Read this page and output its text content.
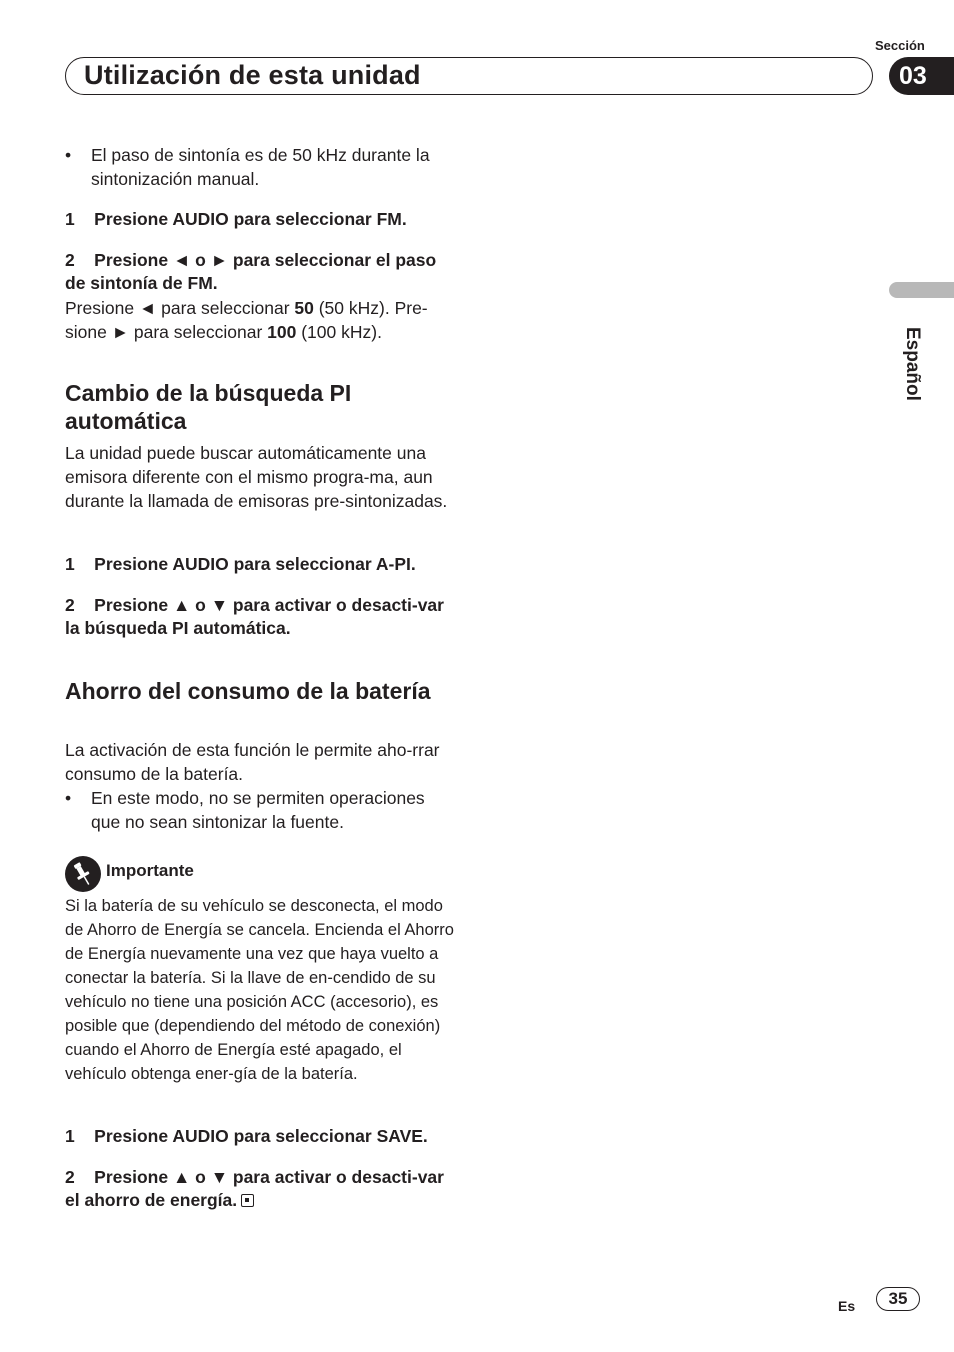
Sección
Utilización de esta unidad	03
Español
• El paso de sintonía es de 50 kHz durante la sintonización manual.
1    Presione AUDIO para seleccionar FM.
2    Presione ◄ o ► para seleccionar el paso de sintonía de FM.
Presione ◄ para seleccionar 50 (50 kHz). Pre-sione ► para seleccionar 100 (100 kHz).
Cambio de la búsqueda PI automática
La unidad puede buscar automáticamente una emisora diferente con el mismo progra-ma, aun durante la llamada de emisoras pre-sintonizadas.
1    Presione AUDIO para seleccionar A-PI.
2    Presione ▲ o ▼ para activar o desacti-var la búsqueda PI automática.
Ahorro del consumo de la batería
La activación de esta función le permite aho-rrar consumo de la batería.
• En este modo, no se permiten operaciones que no sean sintonizar la fuente.
Importante
Si la batería de su vehículo se desconecta, el modo de Ahorro de Energía se cancela. Encienda el Ahorro de Energía nuevamente una vez que haya vuelto a conectar la batería. Si la llave de en-cendido de su vehículo no tiene una posición ACC (accesorio), es posible que (dependiendo del método de conexión) cuando el Ahorro de Energía esté apagado, el vehículo obtenga ener-gía de la batería.
1    Presione AUDIO para seleccionar SAVE.
2    Presione ▲ o ▼ para activar o desacti-var el ahorro de energía.
Es	35
